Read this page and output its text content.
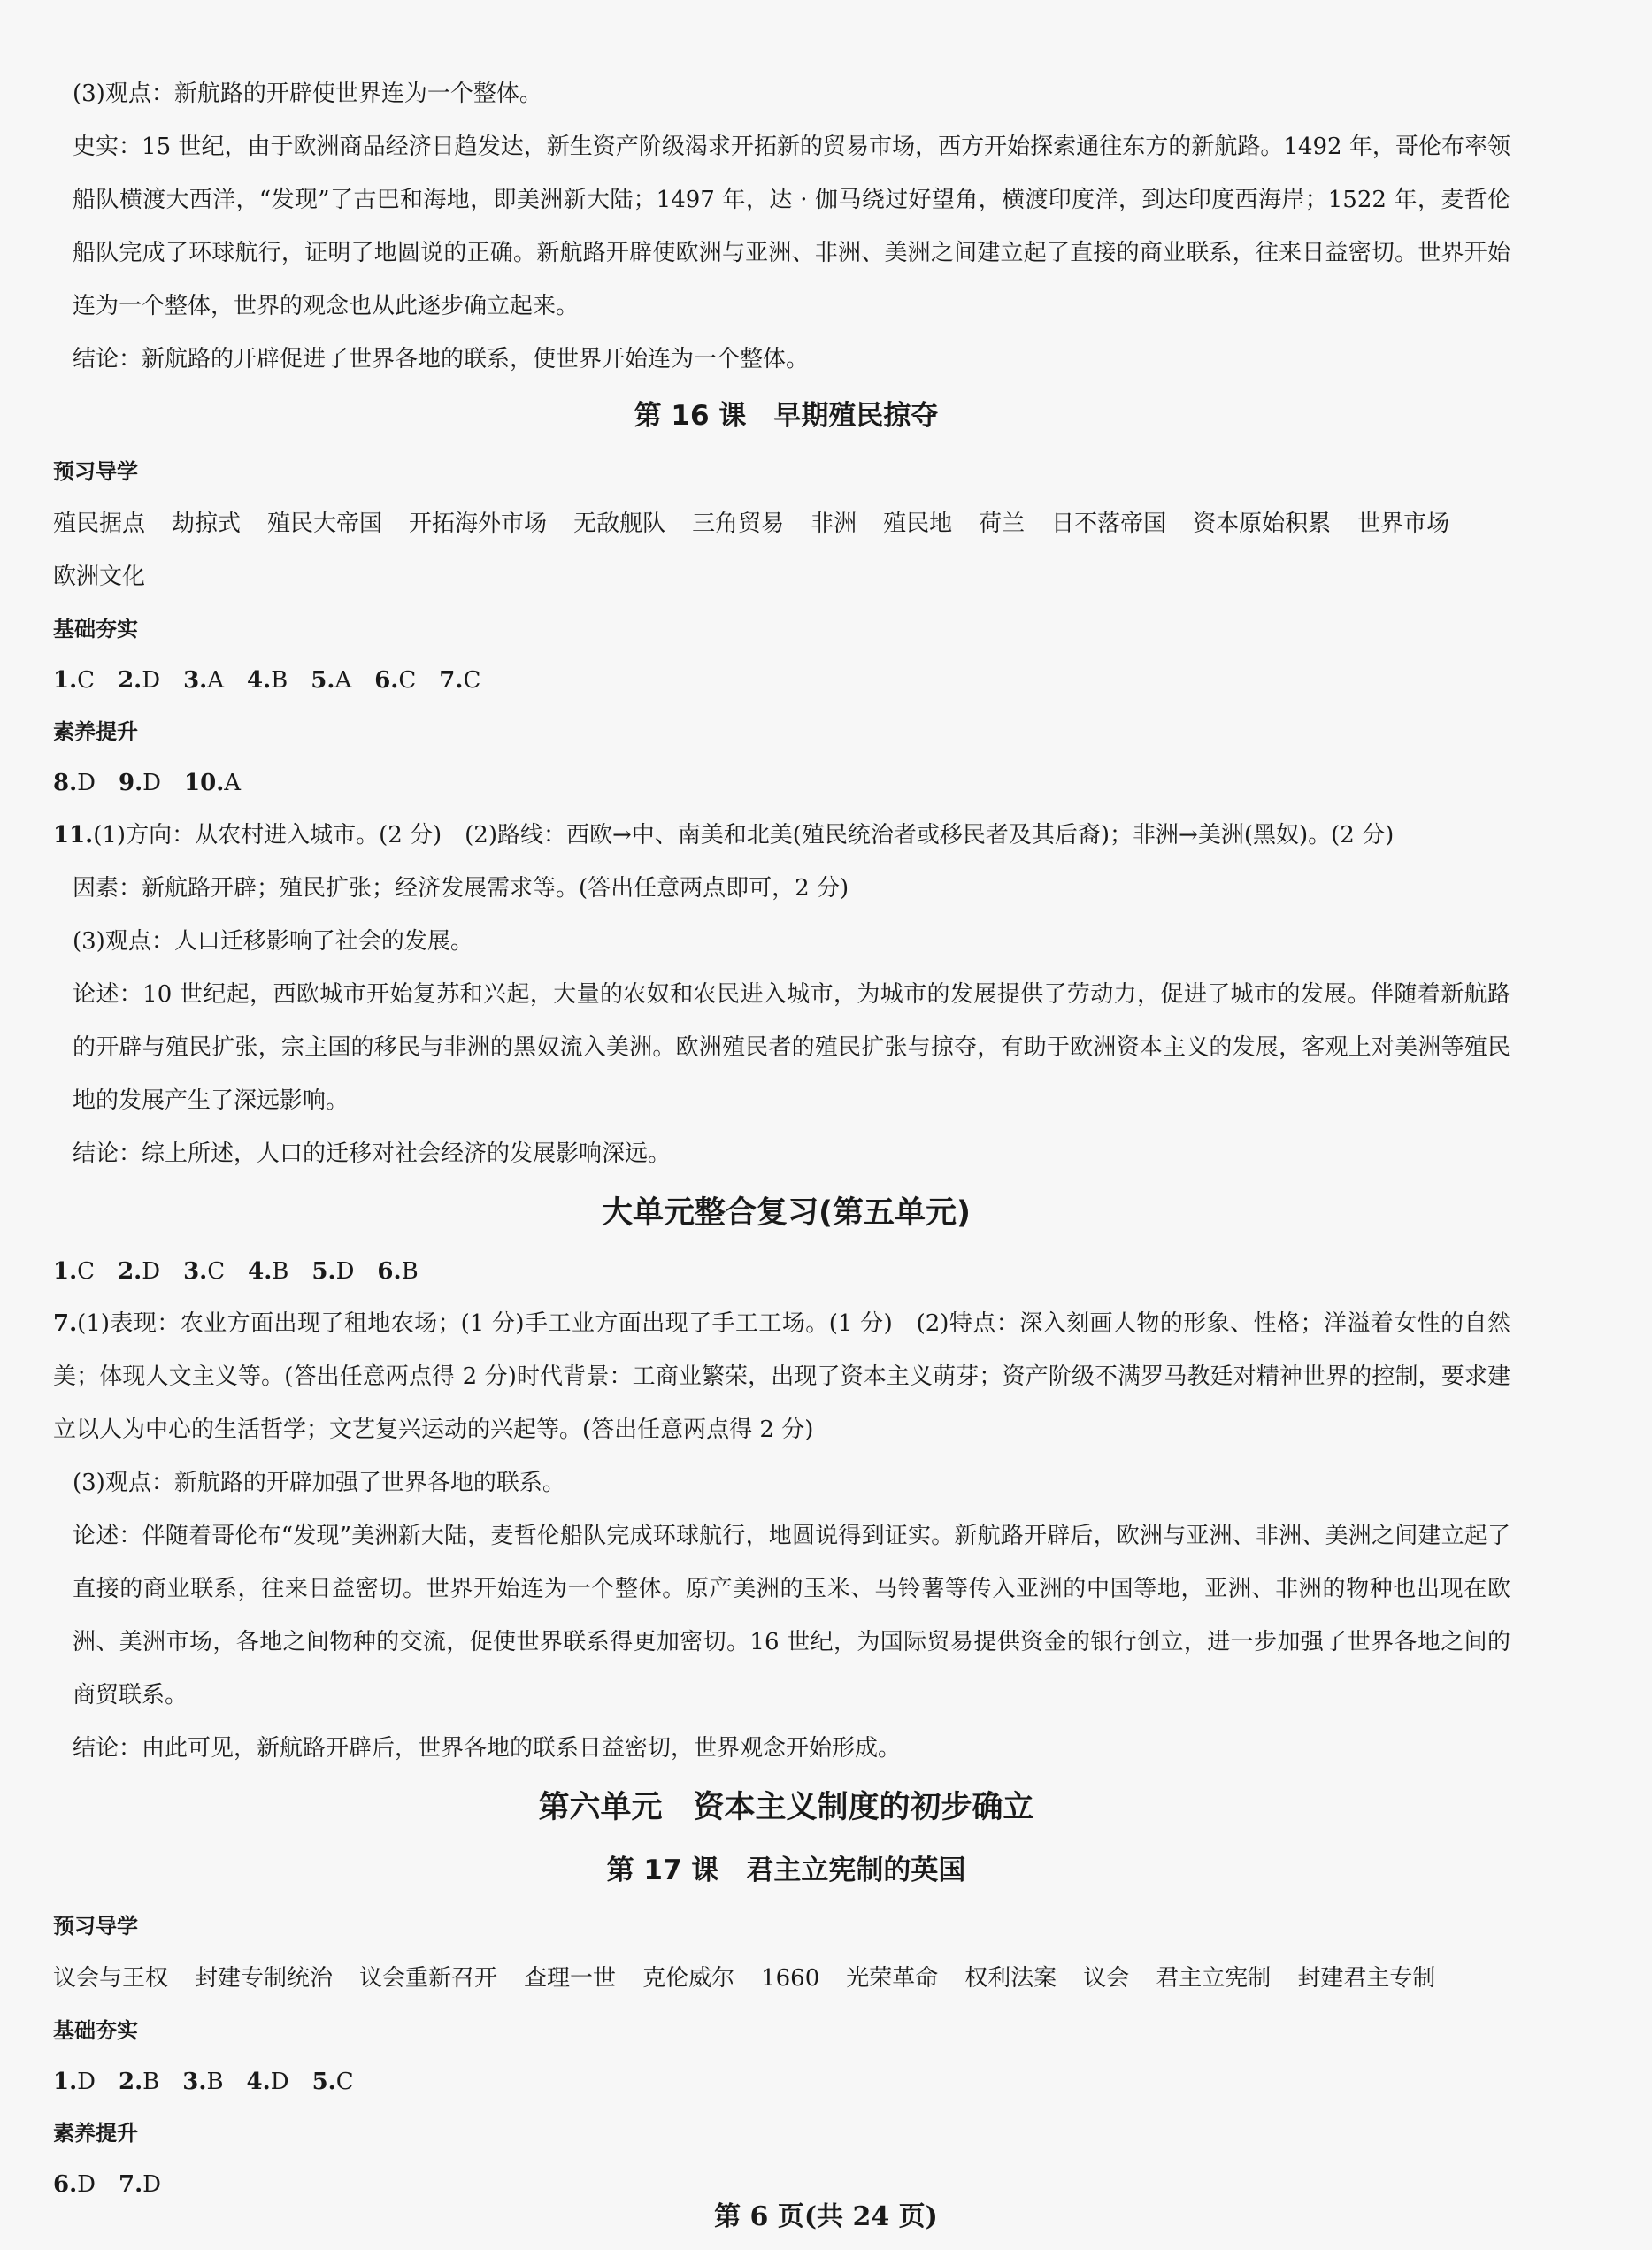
(3)观点：新航路的开辟使世界连为一个整体。

史实：15 世纪，由于欧洲商品经济日趋发达，新生资产阶级渴求开拓新的贸易市场，西方开始探索通往东方的新航路。1492 年，哥伦布率领船队横渡大西洋，“发现”了古巴和海地，即美洲新大陆；1497 年，达 · 伽马绕过好望角，横渡印度洋，到达印度西海岸；1522 年，麦哲伦船队完成了环球航行，证明了地圆说的正确。新航路开辟使欧洲与亚洲、非洲、美洲之间建立起了直接的商业联系，往来日益密切。世界开始连为一个整体，世界的观念也从此逐步确立起来。

结论：新航路的开辟促进了世界各地的联系，使世界开始连为一个整体。

第 16 课　早期殖民掠夺
预习导学
殖民据点 劫掠式 殖民大帝国 开拓海外市场 无敌舰队 三角贸易 非洲 殖民地 荷兰 日不落帝国 资本原始积累 世界市场欧洲文化
基础夯实
1.C 2.D 3.A 4.B 5.A 6.C 7.C
素养提升
8.D 9.D 10.A

11.(1)方向：从农村进入城市。(2 分)　(2)路线：西欧→中、南美和北美(殖民统治者或移民者及其后裔)；非洲→美洲(黑奴)。(2 分)

因素：新航路开辟；殖民扩张；经济发展需求等。(答出任意两点即可，2 分)

(3)观点：人口迁移影响了社会的发展。

论述：10 世纪起，西欧城市开始复苏和兴起，大量的农奴和农民进入城市，为城市的发展提供了劳动力，促进了城市的发展。伴随着新航路的开辟与殖民扩张，宗主国的移民与非洲的黑奴流入美洲。欧洲殖民者的殖民扩张与掠夺，有助于欧洲资本主义的发展，客观上对美洲等殖民地的发展产生了深远影响。

结论：综上所述，人口的迁移对社会经济的发展影响深远。

大单元整合复习(第五单元)
1.C 2.D 3.C 4.B 5.D 6.B

7.(1)表现：农业方面出现了租地农场；(1 分)手工业方面出现了手工工场。(1 分)　(2)特点：深入刻画人物的形象、性格；洋溢着女性的自然美；体现人文主义等。(答出任意两点得 2 分)时代背景：工商业繁荣，出现了资本主义萌芽；资产阶级不满罗马教廷对精神世界的控制，要求建立以人为中心的生活哲学；文艺复兴运动的兴起等。(答出任意两点得 2 分)

(3)观点：新航路的开辟加强了世界各地的联系。

论述：伴随着哥伦布“发现”美洲新大陆，麦哲伦船队完成环球航行，地圆说得到证实。新航路开辟后，欧洲与亚洲、非洲、美洲之间建立起了直接的商业联系，往来日益密切。世界开始连为一个整体。原产美洲的玉米、马铃薯等传入亚洲的中国等地，亚洲、非洲的物种也出现在欧洲、美洲市场，各地之间物种的交流，促使世界联系得更加密切。16 世纪，为国际贸易提供资金的银行创立，进一步加强了世界各地之间的商贸联系。

结论：由此可见，新航路开辟后，世界各地的联系日益密切，世界观念开始形成。

第六单元　资本主义制度的初步确立
第 17 课　君主立宪制的英国
预习导学
议会与王权 封建专制统治 议会重新召开 查理一世 克伦威尔 1660 光荣革命 权利法案 议会 君主立宪制 封建君主专制
基础夯实
1.D 2.B 3.B 4.D 5.C
素养提升
6.D 7.D
第 6 页(共 24 页)
